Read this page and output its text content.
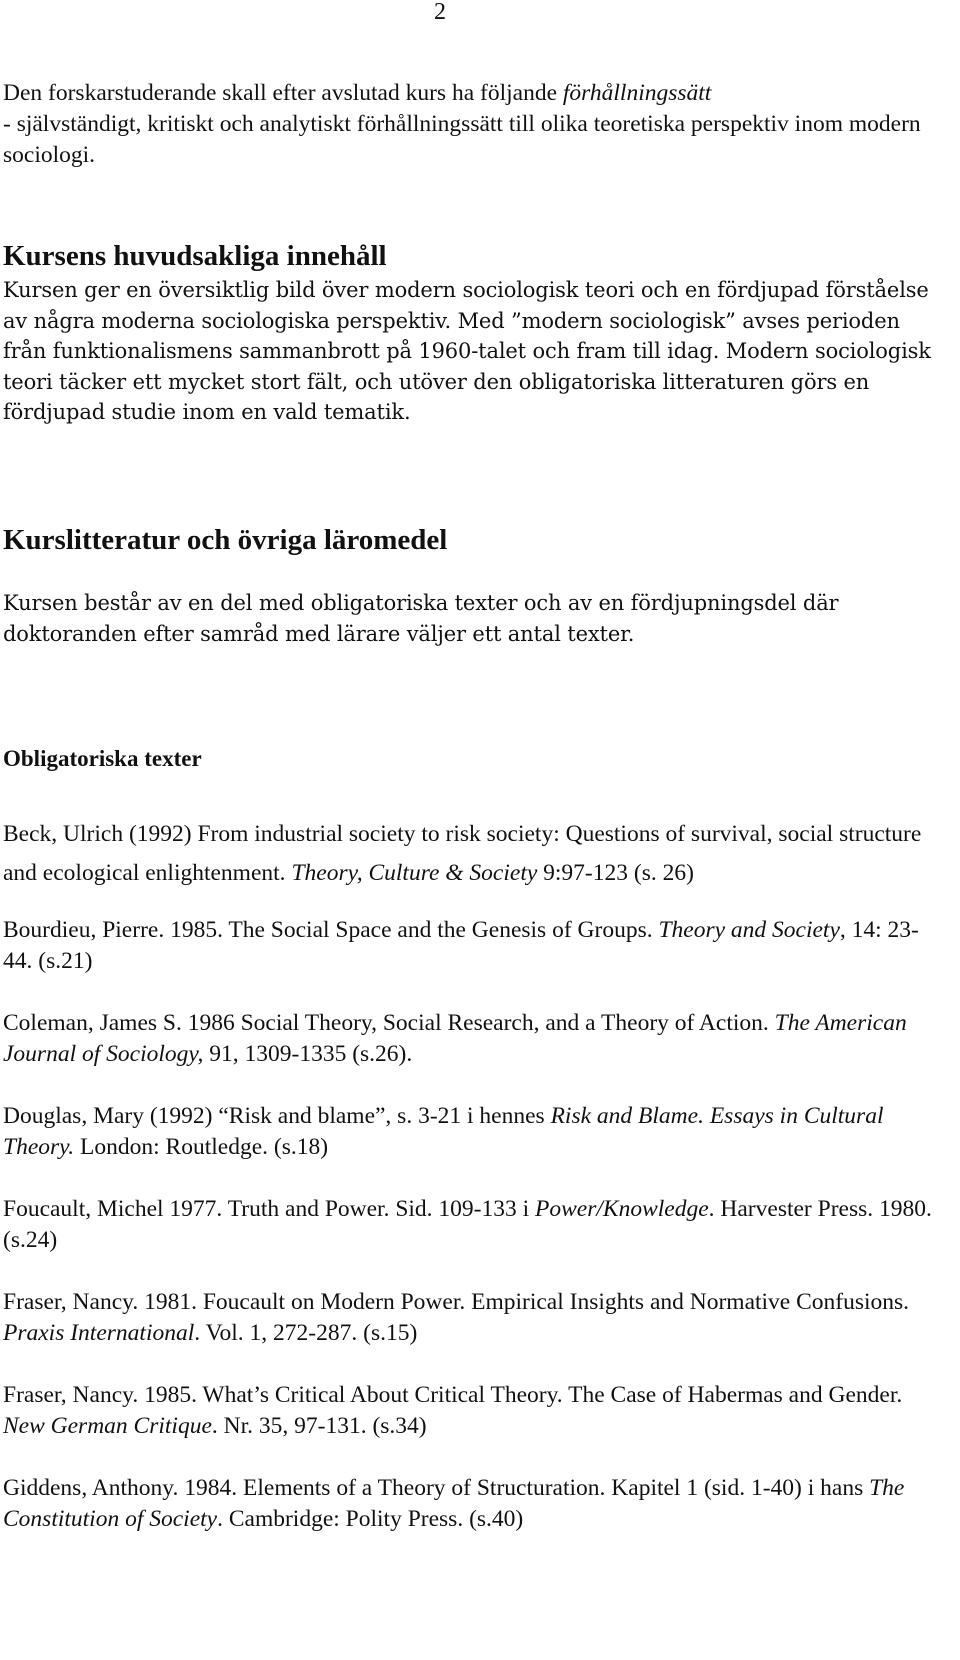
2
Den forskarstuderande skall efter avslutad kurs ha följande förhållningssätt
- självständigt, kritiskt och analytiskt förhållningssätt till olika teoretiska perspektiv inom modern sociologi.
Kursens huvudsakliga innehåll
Kursen ger en översiktlig bild över modern sociologisk teori och en fördjupad förståelse av några moderna sociologiska perspektiv. Med ”modern sociologisk” avses perioden från funktionalismens sammanbrott på 1960-talet och fram till idag. Modern sociologisk teori täcker ett mycket stort fält, och utöver den obligatoriska litteraturen görs en fördjupad studie inom en vald tematik.
Kurslitteratur och övriga läromedel
Kursen består av en del med obligatoriska texter och av en fördjupningsdel där doktoranden efter samråd med lärare väljer ett antal texter.
Obligatoriska texter

Beck, Ulrich (1992) From industrial society to risk society: Questions of survival, social structure and ecological enlightenment. Theory, Culture & Society 9:97-123 (s. 26)

Bourdieu, Pierre. 1985. The Social Space and the Genesis of Groups. Theory and Society, 14: 23-44. (s.21)

Coleman, James S. 1986 Social Theory, Social Research, and a Theory of Action. The American Journal of Sociology, 91, 1309-1335 (s.26).

Douglas, Mary (1992) “Risk and blame”, s. 3-21 i hennes Risk and Blame. Essays in Cultural Theory. London: Routledge. (s.18)

Foucault, Michel 1977. Truth and Power. Sid. 109-133 i Power/Knowledge. Harvester Press. 1980. (s.24)

Fraser, Nancy. 1981. Foucault on Modern Power. Empirical Insights and Normative Confusions. Praxis International. Vol. 1, 272-287. (s.15)

Fraser, Nancy. 1985. What’s Critical About Critical Theory. The Case of Habermas and Gender. New German Critique. Nr. 35, 97-131. (s.34)

Giddens, Anthony. 1984. Elements of a Theory of Structuration. Kapitel 1 (sid. 1-40) i hans The Constitution of Society. Cambridge: Polity Press. (s.40)
